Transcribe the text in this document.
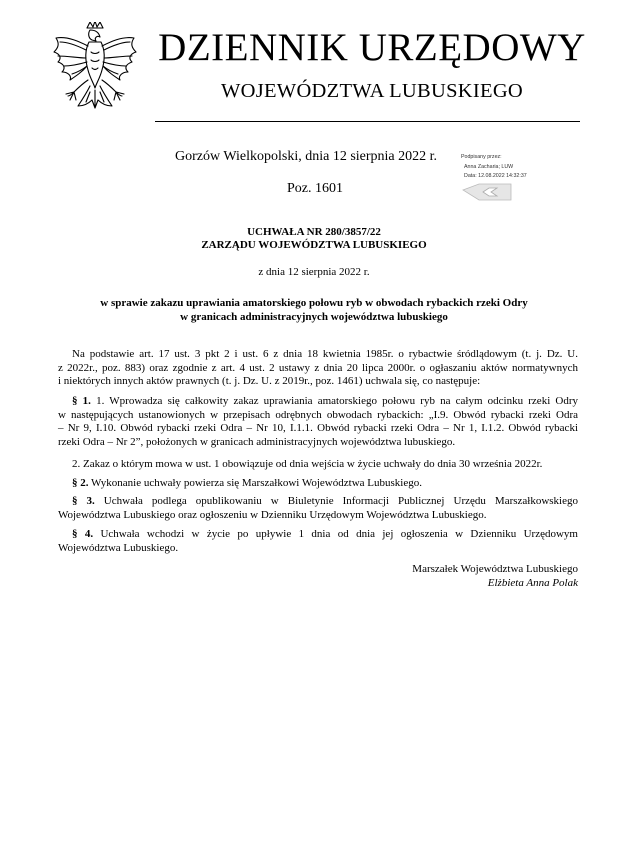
DZIENNIK URZĘDOWY
WOJEWÓDZTWA LUBUSKIEGO
Gorzów Wielkopolski, dnia 12 sierpnia 2022 r.
Poz. 1601
Podpisany przez:
Anna Zacharia; LUW
Data: 12.08.2022 14:32:37
UCHWAŁA NR 280/3857/22
ZARZĄDU WOJEWÓDZTWA LUBUSKIEGO
z dnia 12 sierpnia 2022 r.
w sprawie zakazu uprawiania amatorskiego połowu ryb w obwodach rybackich rzeki Odry
w granicach administracyjnych województwa lubuskiego
Na podstawie art. 17 ust. 3 pkt 2 i ust. 6 z dnia 18 kwietnia 1985r. o rybactwie śródlądowym (t. j. Dz. U.
z 2022r., poz. 883) oraz zgodnie z art. 4 ust. 2 ustawy z dnia 20 lipca 2000r. o ogłaszaniu aktów normatywnych
i niektórych innych aktów prawnych (t. j. Dz. U. z 2019r., poz. 1461) uchwala się, co następuje:
§ 1. 1. Wprowadza się całkowity zakaz uprawiania amatorskiego połowu ryb na całym odcinku rzeki Odry
w następujących ustanowionych w przepisach odrębnych obwodach rybackich: „I.9. Obwód rybacki rzeki Odra
– Nr 9, I.10. Obwód rybacki rzeki Odra – Nr 10, I.1.1. Obwód rybacki rzeki Odra – Nr 1, I.1.2. Obwód rybacki
rzeki Odra – Nr 2”, położonych w granicach administracyjnych województwa lubuskiego.
2. Zakaz o którym mowa w ust. 1 obowiązuje od dnia wejścia w życie uchwały do dnia 30 września 2022r.
§ 2. Wykonanie uchwały powierza się Marszałkowi Województwa Lubuskiego.
§ 3. Uchwała podlega opublikowaniu w Biuletynie Informacji Publicznej Urzędu Marszałkowskiego
Województwa Lubuskiego oraz ogłoszeniu w Dzienniku Urzędowym Województwa Lubuskiego.
§ 4. Uchwała wchodzi w życie po upływie 1 dnia od dnia jej ogłoszenia w Dzienniku Urzędowym
Województwa Lubuskiego.
Marszałek Województwa Lubuskiego
Elżbieta Anna Polak
